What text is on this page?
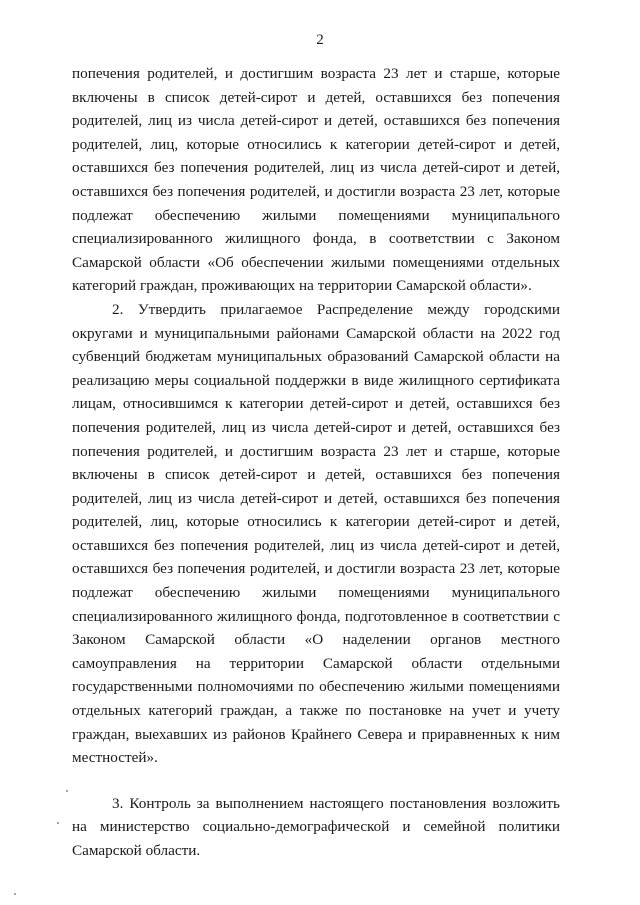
2

попечения родителей, и достигшим возраста 23 лет и старше, которые включены в список детей-сирот и детей, оставшихся без попечения родителей, лиц из числа детей-сирот и детей, оставшихся без попечения родителей, лиц, которые относились к категории детей-сирот и детей, оставшихся без попечения родителей, лиц из числа детей-сирот и детей, оставшихся без попечения родителей, и достигли возраста 23 лет, которые подлежат обеспечению жилыми помещениями муниципального специализированного жилищного фонда, в соответствии с Законом Самарской области «Об обеспечении жилыми помещениями отдельных категорий граждан, проживающих на территории Самарской области».

2. Утвердить прилагаемое Распределение между городскими округами и муниципальными районами Самарской области на 2022 год субвенций бюджетам муниципальных образований Самарской области на реализацию меры социальной поддержки в виде жилищного сертификата лицам, относившимся к категории детей-сирот и детей, оставшихся без попечения родителей, лиц из числа детей-сирот и детей, оставшихся без попечения родителей, и достигшим возраста 23 лет и старше, которые включены в список детей-сирот и детей, оставшихся без попечения родителей, лиц из числа детей-сирот и детей, оставшихся без попечения родителей, лиц, которые относились к категории детей-сирот и детей, оставшихся без попечения родителей, лиц из числа детей-сирот и детей, оставшихся без попечения родителей, и достигли возраста 23 лет, которые подлежат обеспечению жилыми помещениями муниципального специализированного жилищного фонда, подготовленное в соответствии с Законом Самарской области «О наделении органов местного самоуправления на территории Самарской области отдельными государственными полномочиями по обеспечению жилыми помещениями отдельных категорий граждан, а также по постановке на учет и учету граждан, выехавших из районов Крайнего Севера и приравненных к ним местностей».

3. Контроль за выполнением настоящего постановления возложить на министерство социально-демографической и семейной политики Самарской области.
